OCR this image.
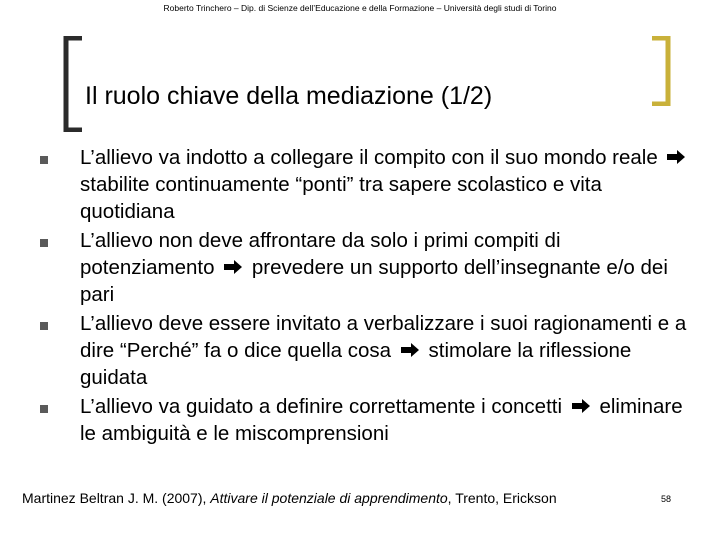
Roberto Trinchero – Dip. di Scienze dell’Educazione e della Formazione – Università degli studi di Torino
Il ruolo chiave della mediazione (1/2)
L’allievo va indotto a collegare il compito con il suo mondo reale  stabilite continuamente “ponti” tra sapere scolastico e vita quotidiana
L’allievo non deve affrontare da solo i primi compiti di potenziamento prevedere un supporto dell’insegnante e/o dei pari
L’allievo deve essere invitato a verbalizzare i suoi ragionamenti e a dire “Perché” fa o dice quella cosa stimolare la riflessione guidata
L’allievo va guidato a definire correttamente i concetti eliminare le ambiguità e le miscomprensioni
Martinez Beltran J. M. (2007), Attivare il potenziale di apprendimento, Trento, Erickson	58
